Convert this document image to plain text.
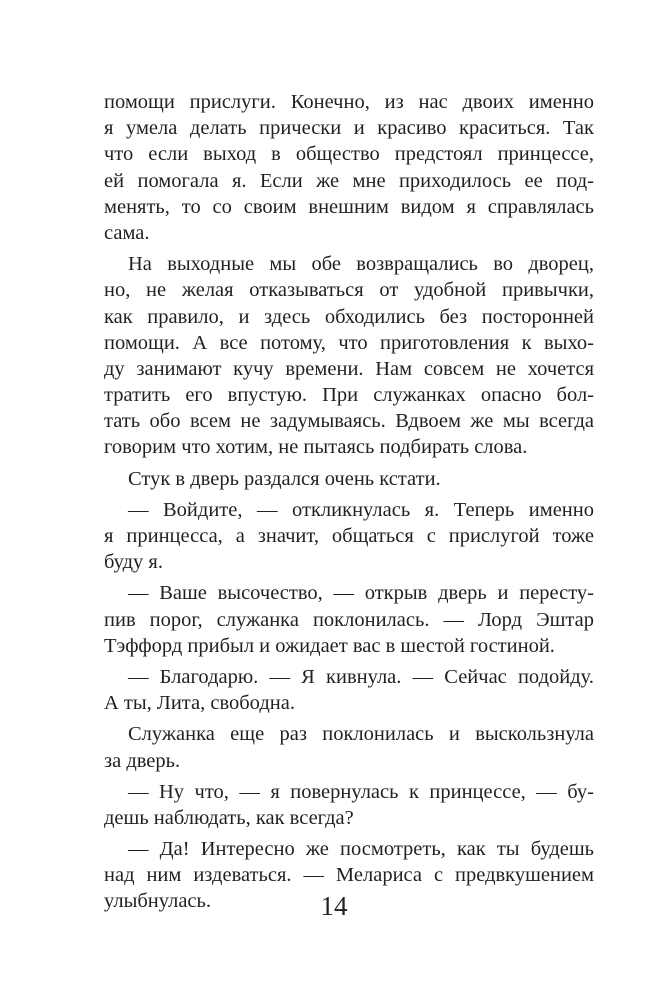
помощи прислуги. Конечно, из нас двоих именно
я умела делать прически и красиво краситься. Так
что если выход в общество предстоял принцессе,
ей помогала я. Если же мне приходилось ее под-
менять, то со своим внешним видом я справлялась
сама.
На выходные мы обе возвращались во дворец,
но, не желая отказываться от удобной привычки,
как правило, и здесь обходились без посторонней
помощи. А все потому, что приготовления к выхо-
ду занимают кучу времени. Нам совсем не хочется
тратить его впустую. При служанках опасно бол-
тать обо всем не задумываясь. Вдвоем же мы всегда
говорим что хотим, не пытаясь подбирать слова.
Стук в дверь раздался очень кстати.
— Войдите, — откликнулась я. Теперь именно
я принцесса, а значит, общаться с прислугой тоже
буду я.
— Ваше высочество, — открыв дверь и пересту-
пив порог, служанка поклонилась. — Лорд Эштар
Тэффорд прибыл и ожидает вас в шестой гостиной.
— Благодарю. — Я кивнула. — Сейчас подойду.
А ты, Лита, свободна.
Служанка еще раз поклонилась и выскользнула
за дверь.
— Ну что, — я повернулась к принцессе, — бу-
дешь наблюдать, как всегда?
— Да! Интересно же посмотреть, как ты будешь
над ним издеваться. — Мелариса с предвкушением
улыбнулась.	14
